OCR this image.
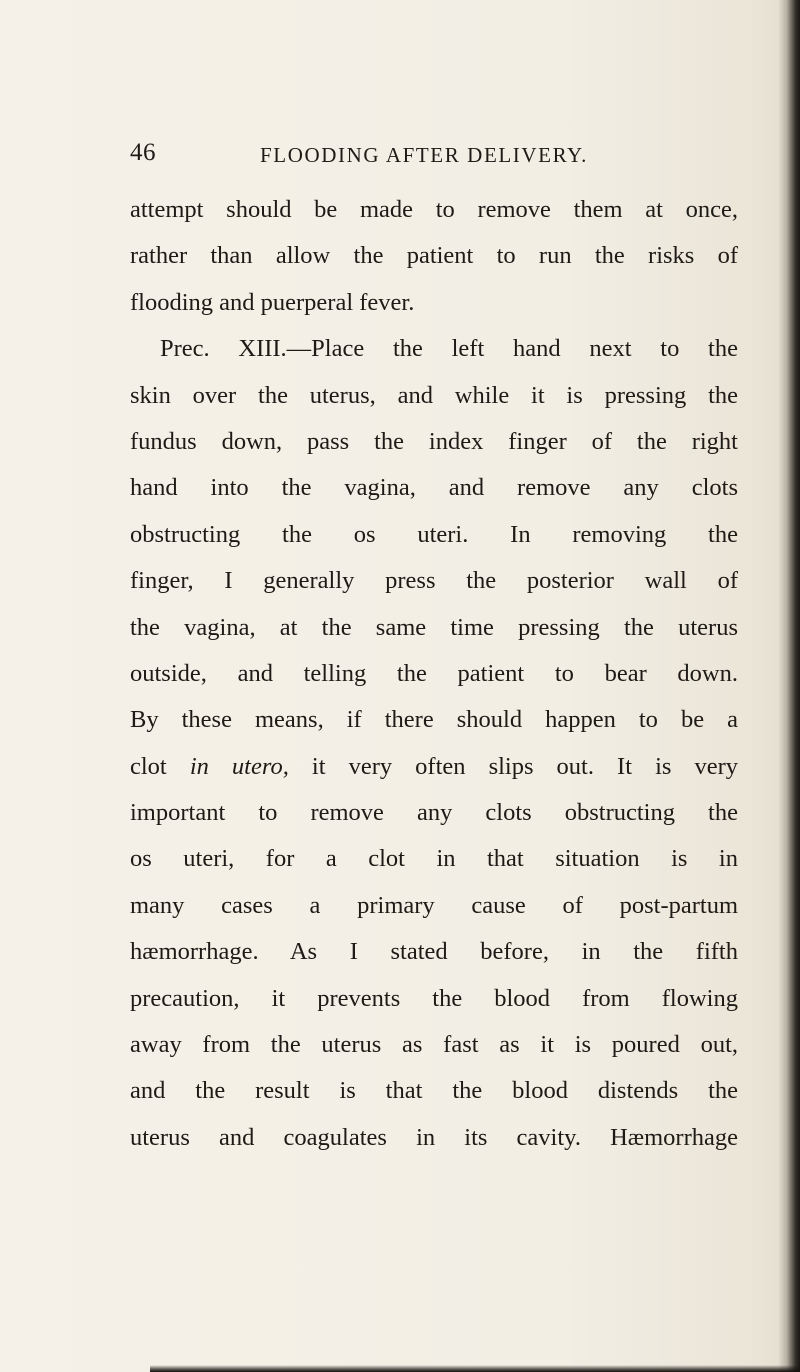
46	FLOODING AFTER DELIVERY.
attempt should be made to remove them at once,
rather than allow the patient to run the risks of
flooding and puerperal fever.
Prec. XIII.—Place the left hand next to the
skin over the uterus, and while it is pressing the
fundus down, pass the index finger of the right
hand into the vagina, and remove any clots
obstructing the os uteri. In removing the
finger, I generally press the posterior wall of
the vagina, at the same time pressing the uterus
outside, and telling the patient to bear down.
By these means, if there should happen to be a
clot in utero, it very often slips out. It is very
important to remove any clots obstructing the
os uteri, for a clot in that situation is in
many cases a primary cause of post-partum
hæmorrhage. As I stated before, in the fifth
precaution, it prevents the blood from flowing
away from the uterus as fast as it is poured out,
and the result is that the blood distends the
uterus and coagulates in its cavity. Hæmorrhage
